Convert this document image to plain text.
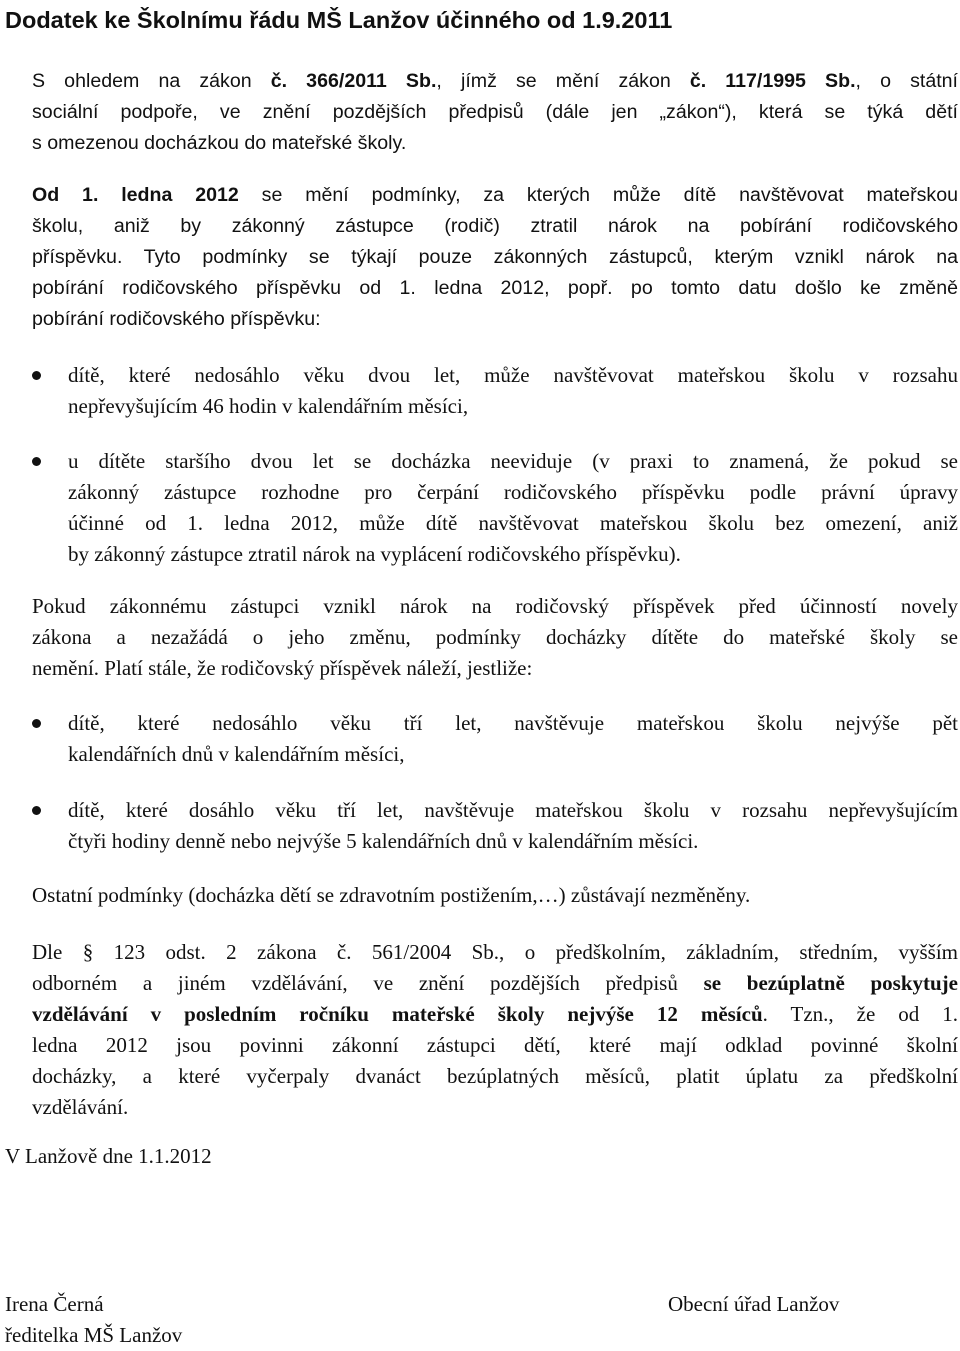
Dodatek ke Školnímu řádu MŠ Lanžov účinného od 1.9.2011
S ohledem na zákon č. 366/2011 Sb., jímž se mění zákon č. 117/1995 Sb., o státní
sociální podpoře, ve znění pozdějších předpisů (dále jen „zákon“), která se týká dětí
s omezenou docházkou do mateřské školy.
Od 1. ledna 2012 se mění podmínky, za kterých může dítě navštěvovat mateřskou
školu, aniž by zákonný zástupce (rodič) ztratil nárok na pobírání rodičovského
příspěvku. Tyto podmínky se týkají pouze zákonných zástupců, kterým vznikl nárok na
pobírání rodičovského příspěvku od 1. ledna 2012, popř. po tomto datu došlo ke změně
pobírání rodičovského příspěvku:
dítě, které nedosáhlo věku dvou let, může navštěvovat mateřskou školu v rozsahu
nepřevyšujícím 46 hodin v kalendářním měsíci,
u dítěte staršího dvou let se docházka neeviduje (v praxi to znamená, že pokud se
zákonný zástupce rozhodne pro čerpání rodičovského příspěvku podle právní úpravy
účinné od 1. ledna 2012, může dítě navštěvovat mateřskou školu bez omezení, aniž
by zákonný zástupce ztratil nárok na vyplácení rodičovského příspěvku).
Pokud zákonnému zástupci vznikl nárok na rodičovský příspěvek před účinností novely
zákona a nezažádá o jeho změnu, podmínky docházky dítěte do mateřské školy se
nemění. Platí stále, že rodičovský příspěvek náleží, jestliže:
dítě, které nedosáhlo věku tří let, navštěvuje mateřskou školu nejvýše pět
kalendářních dnů v kalendářním měsíci,
dítě, které dosáhlo věku tří let, navštěvuje mateřskou školu v rozsahu nepřevyšujícím
čtyři hodiny denně nebo nejvýše 5 kalendářních dnů v kalendářním měsíci.

Ostatní podmínky (docházka dětí se zdravotním postižením,…) zůstávají nezměněny.

Dle § 123 odst. 2 zákona č. 561/2004 Sb., o předškolním, základním, středním, vyšším
odborném a jiném vzdělávání, ve znění pozdějších předpisů se bezúplatně poskytuje
vzdělávání v posledním ročníku mateřské školy nejvýše 12 měsíců. Tzn., že od 1.
ledna 2012 jsou povinni zákonní zástupci dětí, které mají odklad povinné školní
docházky, a které vyčerpaly dvanáct bezúplatných měsíců, platit úplatu za předškolní
vzdělávání.

V Lanžově dne 1.1.2012

Irena Černá

ředitelka MŠ Lanžov

Obecní úřad Lanžov
